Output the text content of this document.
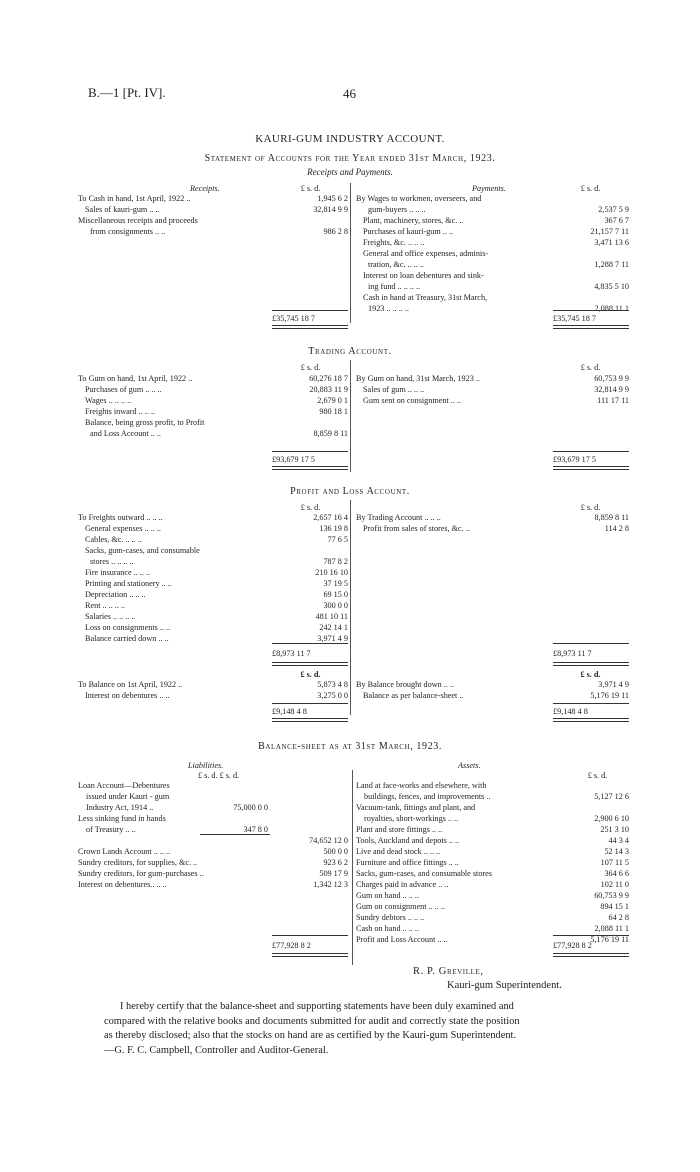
B.—1 [Pt. IV].	46
KAURI-GUM INDUSTRY ACCOUNT.
Statement of Accounts for the Year ended 31st March, 1923.
Receipts and Payments.
Receipts.	£ s. d.	Payments.	£ s. d.
To Cash in hand, 1st April, 1922 ..	1,945 6 2
Sales of kauri-gum .. ..	32,814 9 9
Miscellaneous receipts and proceeds
from consignments .. ..	986 2 8
By Wages to workmen, overseers, and
gum-buyers .. .. ..	2,537 5 9
Plant, machinery, stores, &c. ..	367 6 7
Purchases of kauri-gum .. ..	21,157 7 11
Freights, &c. .. .. ..	3,471 13 6
General and office expenses, adminis-
tration, &c. .. .. ..	1,288 7 11
Interest on loan debentures and sink-
ing fund .. .. .. ..	4,835 5 10
Cash in hand at Treasury, 31st March,
1923 .. .. .. ..	2,088 11 1
£35,745 18 7	£35,745 18 7
Trading Account.
£ s. d.	£ s. d.
To Gum on hand, 1st April, 1922 ..	60,276 18 7
Purchases of gum .. .. ..	20,883 11 9
Wages .. .. .. ..	2,679 0 1
Freights inward .. .. ..	980 18 1
Balance, being gross profit, to Profit
and Loss Account .. ..	8,859 8 11
By Gum on hand, 31st March, 1923 ..	60,753 9 9
Sales of gum .. .. ..	32,814 9 9
Gum sent on consignment .. ..	111 17 11
£93,679 17 5	£93,679 17 5
Profit and Loss Account.
£ s. d.	£ s. d.
To Freights outward .. .. ..	2,657 16 4
General expenses .. .. ..	136 19 8
Cables, &c. .. .. ..	77 6 5
Sacks, gum-cases, and consumable
stores .. .. .. ..	787 8 2
Fire insurance .. .. ..	210 16 10
Printing and stationery .. ..	37 19 5
Depreciation .. .. ..	69 15 0
Rent .. .. .. ..	300 0 0
Salaries .. .. .. ..	481 10 11
Loss on consignments .. ..	242 14 1
Balance carried down .. ..	3,971 4 9
By Trading Account .. .. ..	8,859 8 11
Profit from sales of stores, &c. ..	114 2 8
£8,973 11 7	£8,973 11 7
£ s. d.	£ s. d.
To Balance on 1st April, 1922 ..	5,873 4 8
Interest on debentures .. ..	3,275 0 0
By Balance brought down .. ..	3,971 4 9
Balance as per balance-sheet ..	5,176 19 11
£9,148 4 8	£9,148 4 8
Balance-sheet as at 31st March, 1923.
Liabilities.	Assets.
£ s. d. £ s. d.	£ s. d.
Loan Account—Debentures
issued under Kauri - gum
Industry Act, 1914 ..	75,000 0 0
Less sinking fund in hands
of Treasury .. ..	347 8 0
74,652 12 0
Crown Lands Account .. .. ..	500 0 0
Sundry creditors, for supplies, &c. ..	923 6 2
Sundry creditors, for gum-purchases ..	509 17 9
Interest on debentures.. .. ..	1,342 12 3
Land at face-works and elsewhere, with
buildings, fences, and improvements ..	5,127 12 6
Vacuum-tank, fittings and plant, and
royalties, short-workings .. ..	2,900 6 10
Plant and store fittings .. ..	251 3 10
Tools, Auckland and depots .. ..	44 3 4
Live and dead stock .. .. ..	52 14 3
Furniture and office fittings .. ..	107 11 5
Sacks, gum-cases, and consumable stores	364 6 6
Charges paid in advance .. ..	102 11 0
Gum on hand .. .. ..	60,753 9 9
Gum on consignment .. .. ..	894 15 1
Sundry debtors .. .. ..	64 2 8
Cash on hand .. .. ..	2,088 11 1
Profit and Loss Account .. ..	5,176 19 11
£77,928 8 2	£77,928 8 2
R. P. Greville,
Kauri-gum Superintendent.
I hereby certify that the balance-sheet and supporting statements have been duly examined and
compared with the relative books and documents submitted for audit and correctly state the position
as thereby disclosed; also that the stocks on hand are as certified by the Kauri-gum Superintendent.
—G. F. C. Campbell, Controller and Auditor-General.
